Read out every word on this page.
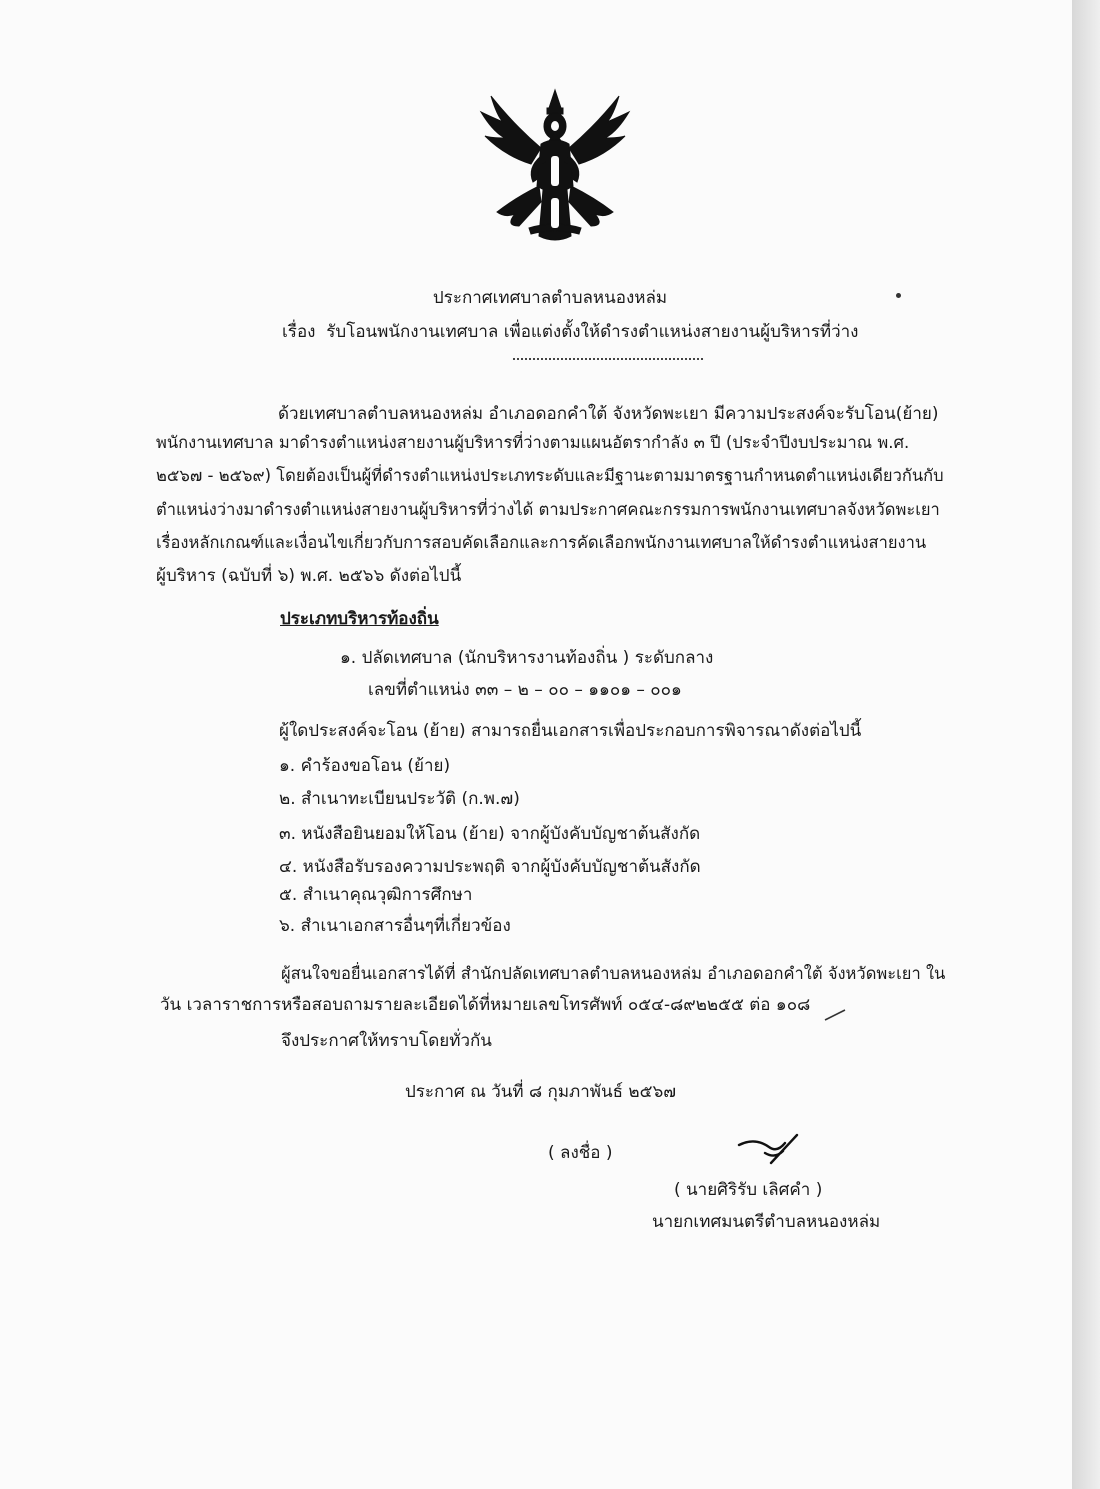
ประกาศเทศบาลตำบลหนองหล่ม
เรื่อง รับโอนพนักงานเทศบาล เพื่อแต่งตั้งให้ดำรงตำแหน่งสายงานผู้บริหารที่ว่าง
ด้วยเทศบาลตำบลหนองหล่ม อำเภอดอกคำใต้ จังหวัดพะเยา มีความประสงค์จะรับโอน(ย้าย)
พนักงานเทศบาล มาดำรงตำแหน่งสายงานผู้บริหารที่ว่างตามแผนอัตรากำลัง ๓ ปี (ประจำปีงบประมาณ พ.ศ.
๒๕๖๗ - ๒๕๖๙) โดยต้องเป็นผู้ที่ดำรงตำแหน่งประเภทระดับและมีฐานะตามมาตรฐานกำหนดตำแหน่งเดียวกันกับ
ตำแหน่งว่างมาดำรงตำแหน่งสายงานผู้บริหารที่ว่างได้ ตามประกาศคณะกรรมการพนักงานเทศบาลจังหวัดพะเยา
เรื่องหลักเกณฑ์และเงื่อนไขเกี่ยวกับการสอบคัดเลือกและการคัดเลือกพนักงานเทศบาลให้ดำรงตำแหน่งสายงาน
ผู้บริหาร (ฉบับที่ ๖) พ.ศ. ๒๕๖๖ ดังต่อไปนี้
ประเภทบริหารท้องถิ่น
๑. ปลัดเทศบาล (นักบริหารงานท้องถิ่น ) ระดับกลาง
เลขที่ตำแหน่ง ๓๓ – ๒ – ๐๐ – ๑๑๐๑ – ๐๐๑
ผู้ใดประสงค์จะโอน (ย้าย) สามารถยื่นเอกสารเพื่อประกอบการพิจารณาดังต่อไปนี้
๑. คำร้องขอโอน (ย้าย)
๒. สำเนาทะเบียนประวัติ (ก.พ.๗)
๓. หนังสือยินยอมให้โอน (ย้าย) จากผู้บังคับบัญชาต้นสังกัด
๔. หนังสือรับรองความประพฤติ จากผู้บังคับบัญชาต้นสังกัด
๕. สำเนาคุณวุฒิการศึกษา
๖. สำเนาเอกสารอื่นๆที่เกี่ยวข้อง
ผู้สนใจขอยื่นเอกสารได้ที่ สำนักปลัดเทศบาลตำบลหนองหล่ม อำเภอดอกคำใต้ จังหวัดพะเยา ใน
วัน เวลาราชการหรือสอบถามรายละเอียดได้ที่หมายเลขโทรศัพท์ ๐๕๔-๘๙๒๒๕๕ ต่อ ๑๐๘
จึงประกาศให้ทราบโดยทั่วกัน
ประกาศ ณ วันที่ ๘ กุมภาพันธ์ ๒๕๖๗
( ลงชื่อ )
( นายศิริรับ เลิศคำ )
นายกเทศมนตรีตำบลหนองหล่ม
